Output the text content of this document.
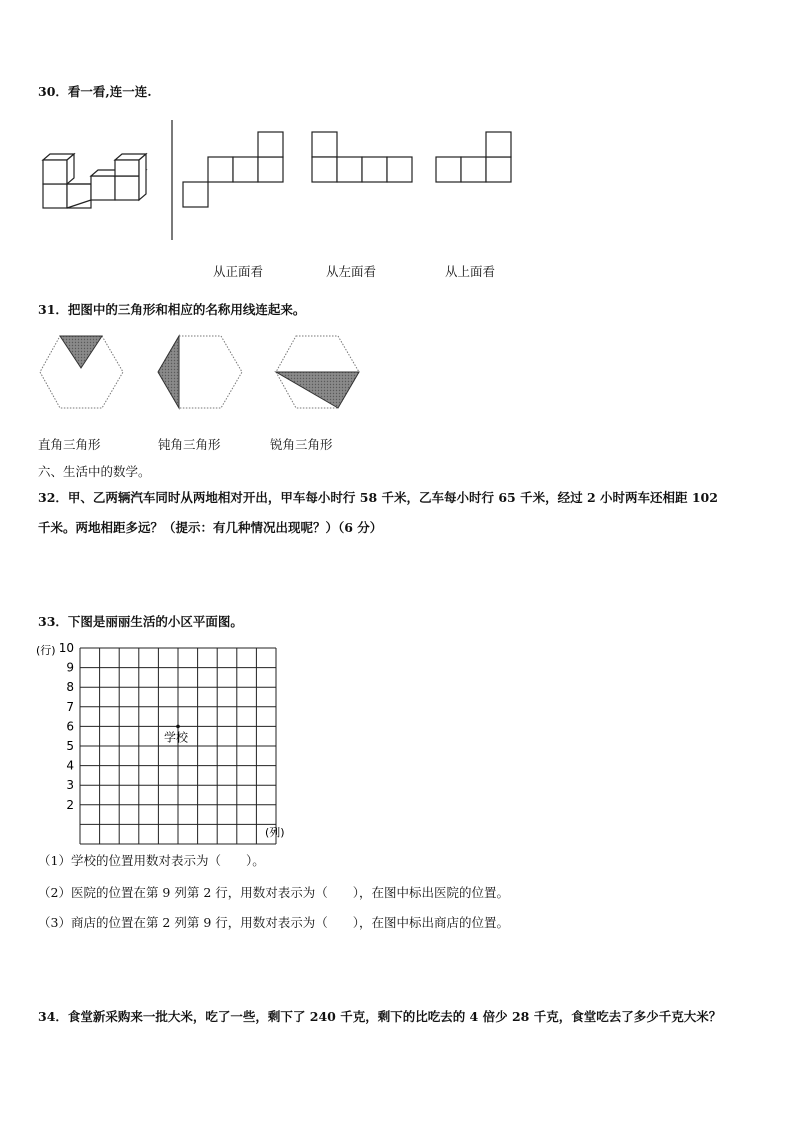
30．看一看,连一连.
从正面看	从左面看	从上面看
31．把图中的三角形和相应的名称用线连起来。
直角三角形	钝角三角形	锐角三角形
六、生活中的数学。
32．甲、乙两辆汽车同时从两地相对开出，甲车每小时行 58 千米，乙车每小时行 65 千米，经过 2 小时两车还相距 102
千米。两地相距多远？（提示：有几种情况出现呢？）（6 分）
33．下图是丽丽生活的小区平面图。
2
3
4
5
6
7
8
9
10
(行)
(列)
学校
（1）学校的位置用数对表示为（　　）。
（2）医院的位置在第 9 列第 2 行，用数对表示为（　　），在图中标出医院的位置。
（3）商店的位置在第 2 列第 9 行，用数对表示为（　　），在图中标出商店的位置。
34．食堂新采购来一批大米，吃了一些，剩下了 240 千克，剩下的比吃去的 4 倍少 28 千克，食堂吃去了多少千克大米？
